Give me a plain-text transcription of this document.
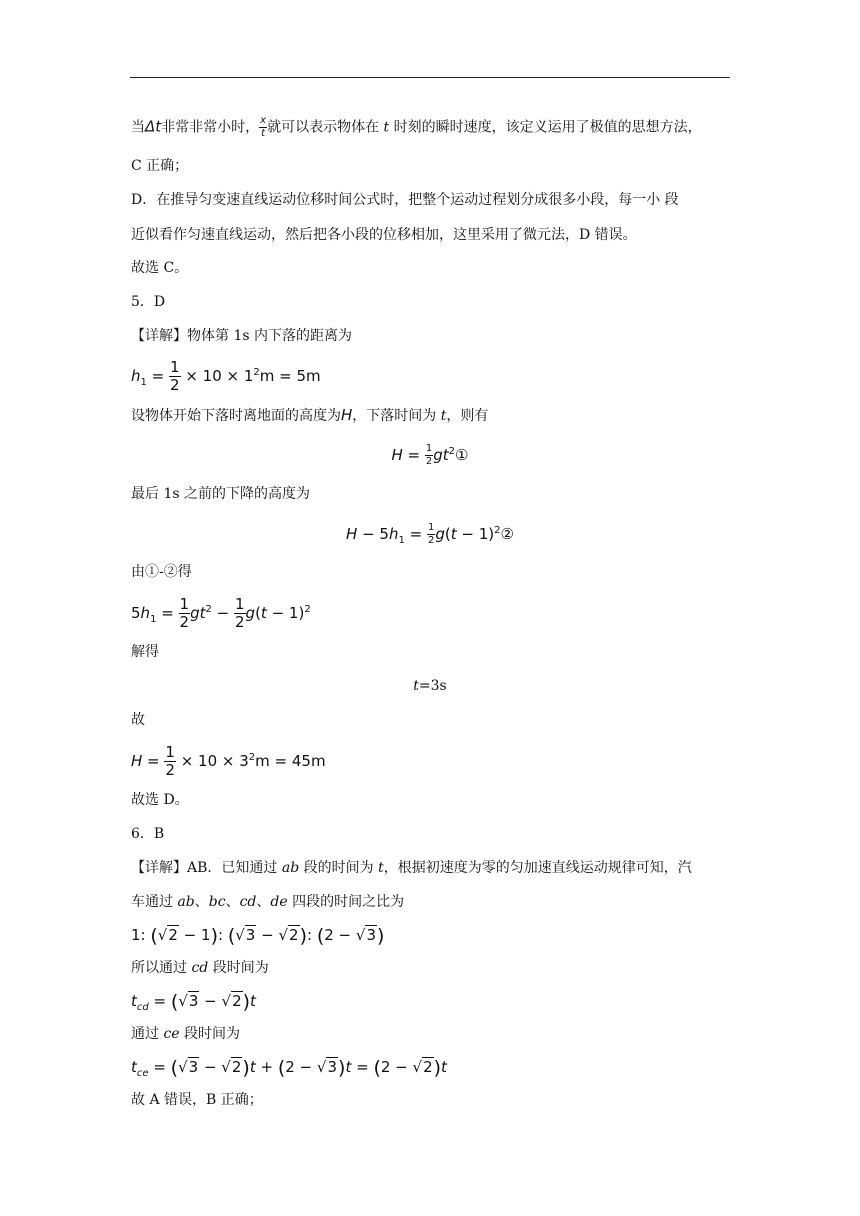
当Δt非常非常小时， $\frac{x}{t}$ 就可以表示物体在 t 时刻的瞬时速度，该定义运用了极值的思想方法，
C 正确；
D．在推导匀变速直线运动位移时间公式时，把整个运动过程划分成很多小段，每一小 段
近似看作匀速直线运动，然后把各小段的位移相加，这里采用了微元法，D 错误。
故选 C。
5．D
【详解】物体第 1s 内下落的距离为
$h_1 = \frac{1}{2} \times 10 \times 1^2m = 5m$
设物体开始下落时离地面的高度为H，下落时间为 t，则有
$H = \frac{1}{2}$ $gt^2①$
最后 1s 之前的下降的高度为
$H - 5h_1 = \frac{1}{2} g(t$ − $1)^2②$
由①-②得
$5h_1 = \frac{1}{2} gt^2 - \frac{1}{2} g(t - 1)^2$
解得
t=3s
故
$H = \frac{1}{2} \times 10 \times 3^2m = 45m$
故选 D。
6．B
【详解】AB．已知通过 ab 段的时间为 t，根据初速度为零的匀加速直线运动规律可知，汽
车通过 ab、bc、cd、de 四段的时间之比为
1: (√2 − 1): (√3 − √2): (2 − √3)
所以通过 cd 段时间为
$t_{cd} = (√3 - √2)t$
通过 ce 段时间为
$t_{ce} = (√3 - √2)t + (2 - √3)t = (2 - √2)t$
故 A 错误，B 正确；
